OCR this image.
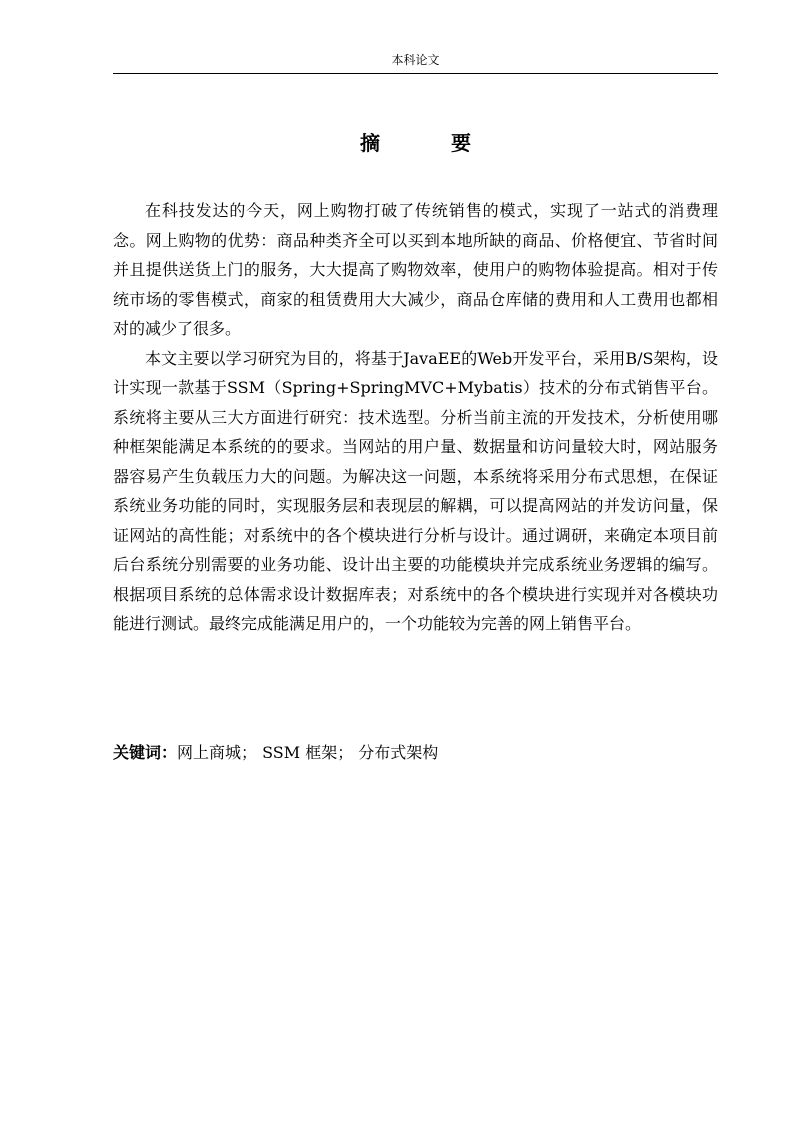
本科论文
摘 要

在科技发达的今天，网上购物打破了传统销售的模式，实现了一站式的消费理念。网上购物的优势：商品种类齐全可以买到本地所缺的商品、价格便宜、节省时间并且提供送货上门的服务，大大提高了购物效率，使用户的购物体验提高。相对于传统市场的零售模式，商家的租赁费用大大减少，商品仓库储的费用和人工费用也都相对的减少了很多。

本文主要以学习研究为目的，将基于JavaEE的Web开发平台，采用B/S架构，设计实现一款基于SSM（Spring+SpringMVC+Mybatis）技术的分布式销售平台。系统将主要从三大方面进行研究：技术选型。分析当前主流的开发技术，分析使用哪种框架能满足本系统的的要求。当网站的用户量、数据量和访问量较大时，网站服务器容易产生负载压力大的问题。为解决这一问题，本系统将采用分布式思想，在保证系统业务功能的同时，实现服务层和表现层的解耦，可以提高网站的并发访问量，保证网站的高性能；对系统中的各个模块进行分析与设计。通过调研，来确定本项目前后台系统分别需要的业务功能、设计出主要的功能模块并完成系统业务逻辑的编写。根据项目系统的总体需求设计数据库表；对系统中的各个模块进行实现并对各模块功能进行测试。最终完成能满足用户的，一个功能较为完善的网上销售平台。

关键词：网上商城； SSM 框架； 分布式架构
